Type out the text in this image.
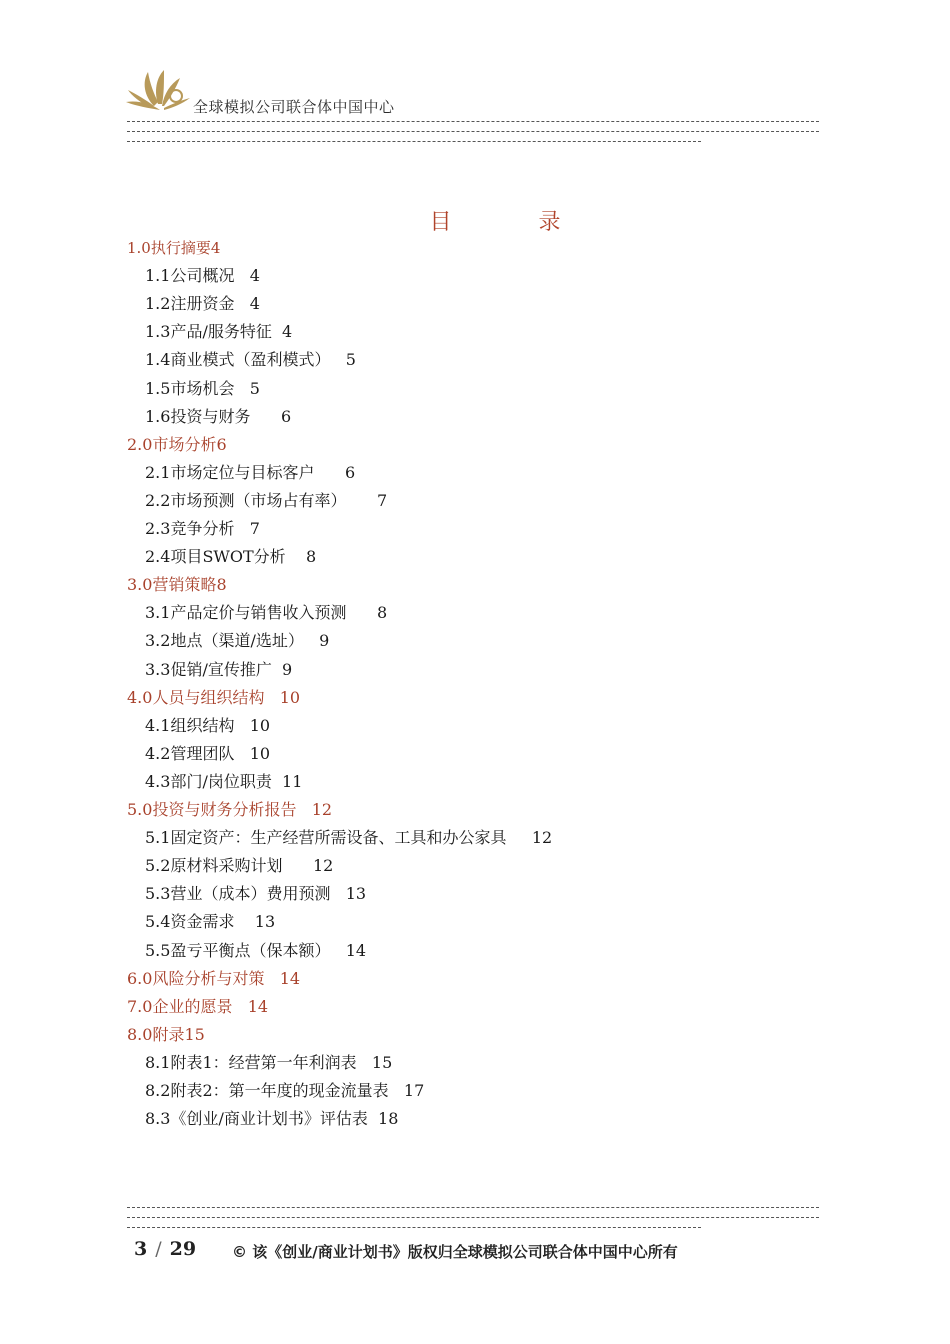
全球模拟公司联合体中国中心
目 录
1.0执行摘要4
1.1公司概况   4
1.2注册资金   4
1.3产品/服务特征  4
1.4商业模式（盈利模式）   5
1.5市场机会   5
1.6投资与财务      6
2.0市场分析6
2.1市场定位与目标客户      6
2.2市场预测（市场占有率）      7
2.3竞争分析   7
2.4项目SWOT分析    8
3.0营销策略8
3.1产品定价与销售收入预测      8
3.2地点（渠道/选址）   9
3.3促销/宣传推广  9
4.0人员与组织结构   10
4.1组织结构   10
4.2管理团队   10
4.3部门/岗位职责  11
5.0投资与财务分析报告   12
5.1固定资产：生产经营所需设备、工具和办公家具     12
5.2原材料采购计划      12
5.3营业（成本）费用预测   13
5.4资金需求    13
5.5盈亏平衡点（保本额）   14
6.0风险分析与对策   14
7.0企业的愿景   14
8.0附录15
8.1附表1：经营第一年利润表   15
8.2附表2：第一年度的现金流量表   17
8.3《创业/商业计划书》评估表  18
3 / 29 © 该《创业/商业计划书》版权归全球模拟公司联合体中国中心所有
